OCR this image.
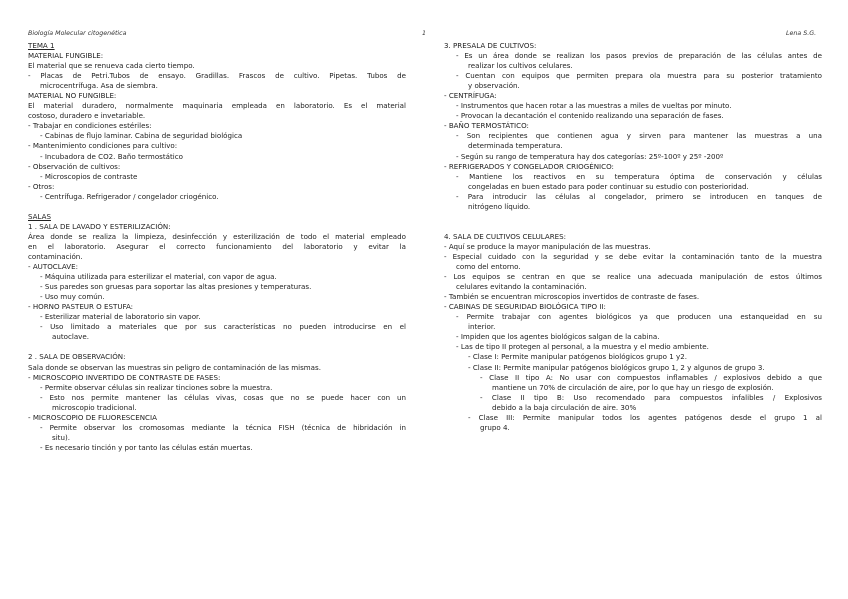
Biología Molecular citogenética	1	Lena S.G.
TEMA 1
MATERIAL FUNGIBLE:
El material que se renueva cada cierto tiempo.
- Placas de Petri.Tubos de ensayo. Gradillas. Frascos de cultivo. Pipetas. Tubos de
microcentrífuga. Asa de siembra.
MATERIAL NO FUNGIBLE:
El material duradero, normalmente maquinaria empleada en laboratorio. Es el material
costoso, duradero e invetariable.
- Trabajar en condiciones estériles:
- Cabinas de flujo laminar. Cabina de seguridad biológica
- Mantenimiento condiciones para cultivo:
- Incubadora de CO2. Baño termostático
- Observación de cultivos:
- Microscopios de contraste
- Otros:
- Centrífuga. Refrigerador / congelador criogénico.
SALAS
1 . SALA DE LAVADO Y ESTERILIZACIÓN:
Área donde se realiza la limpieza, desinfección y esterilización de todo el material empleado
en el laboratorio. Asegurar el correcto funcionamiento del laboratorio y evitar la
contaminación.
- AUTOCLAVE:
- Máquina utilizada para esterilizar el material, con vapor de agua.
- Sus paredes son gruesas para soportar las altas presiones y temperaturas.
- Uso muy común.
- HORNO PASTEUR O ESTUFA:
- Esterilizar material de laboratorio sin vapor.
- Uso limitado a materiales que por sus características no pueden introducirse en el
autoclave.
2 . SALA DE OBSERVACIÓN:
Sala donde se observan las muestras sin peligro de contaminación de las mismas.
- MICROSCOPIO INVERTIDO DE CONTRASTE DE FASES:
- Permite observar células sin realizar tinciones sobre la muestra.
- Esto nos permite mantener las células vivas, cosas que no se puede hacer con un
microscopio tradicional.
- MICROSCOPIO DE FLUORESCENCIA
- Permite observar los cromosomas mediante la técnica FISH (técnica de hibridación in
situ).
- Es necesario tinción y por tanto las células están muertas.
3. PRESALA DE CULTIVOS:
- Es un área donde se realizan los pasos previos de preparación de las células antes de
realizar los cultivos celulares.
- Cuentan con equipos que permiten prepara ola muestra para su posterior tratamiento
y observación.
- CENTRÍFUGA:
- Instrumentos que hacen rotar a las muestras a miles de vueltas por minuto.
- Provocan la decantación el contenido realizando una separación de fases.
- BAÑO TERMOSTÁTICO:
- Son recipientes que contienen agua y sirven para mantener las muestras a una
determinada temperatura.
- Según su rango de temperatura hay dos categorías: 25º-100º y 25º -200º
- REFRIGERADOS Y CONGELADOR CRIOGÉNICO:
- Mantiene los reactivos en su temperatura óptima de conservación y células
congeladas en buen estado para poder continuar su estudio con posterioridad.
- Para introducir las células al congelador, primero se introducen en tanques de
nitrógeno líquido.
4. SALA DE CULTIVOS CELULARES:
- Aquí se produce la mayor manipulación de las muestras.
- Especial cuidado con la seguridad y se debe evitar la contaminación tanto de la muestra
como del entorno.
- Los equipos se centran en que se realice una adecuada manipulación de estos últimos
celulares evitando la contaminación.
- También se encuentran microscopios invertidos de contraste de fases.
- CABINAS DE SEGURIDAD BIOLÓGICA TIPO II:
- Permite trabajar con agentes biológicos ya que producen una estanqueidad en su
interior.
- Impiden que los agentes biológicos salgan de la cabina.
- Las de tipo II protegen al personal, a la muestra y el medio ambiente.
- Clase I: Permite manipular patógenos biológicos grupo 1 y2.
- Clase II: Permite manipular patógenos biológicos grupo 1, 2 y algunos de grupo 3.
- Clase II tipo A: No usar con compuestos inflamables / explosivos debido a que
mantiene un 70% de circulación de aire, por lo que hay un riesgo de explosión.
- Clase II tipo B: Uso recomendado para compuestos infalibles / Explosivos
debido a la baja circulación de aire. 30%
- Clase III: Permite manipular todos los agentes patógenos desde el grupo 1 al
grupo 4.
